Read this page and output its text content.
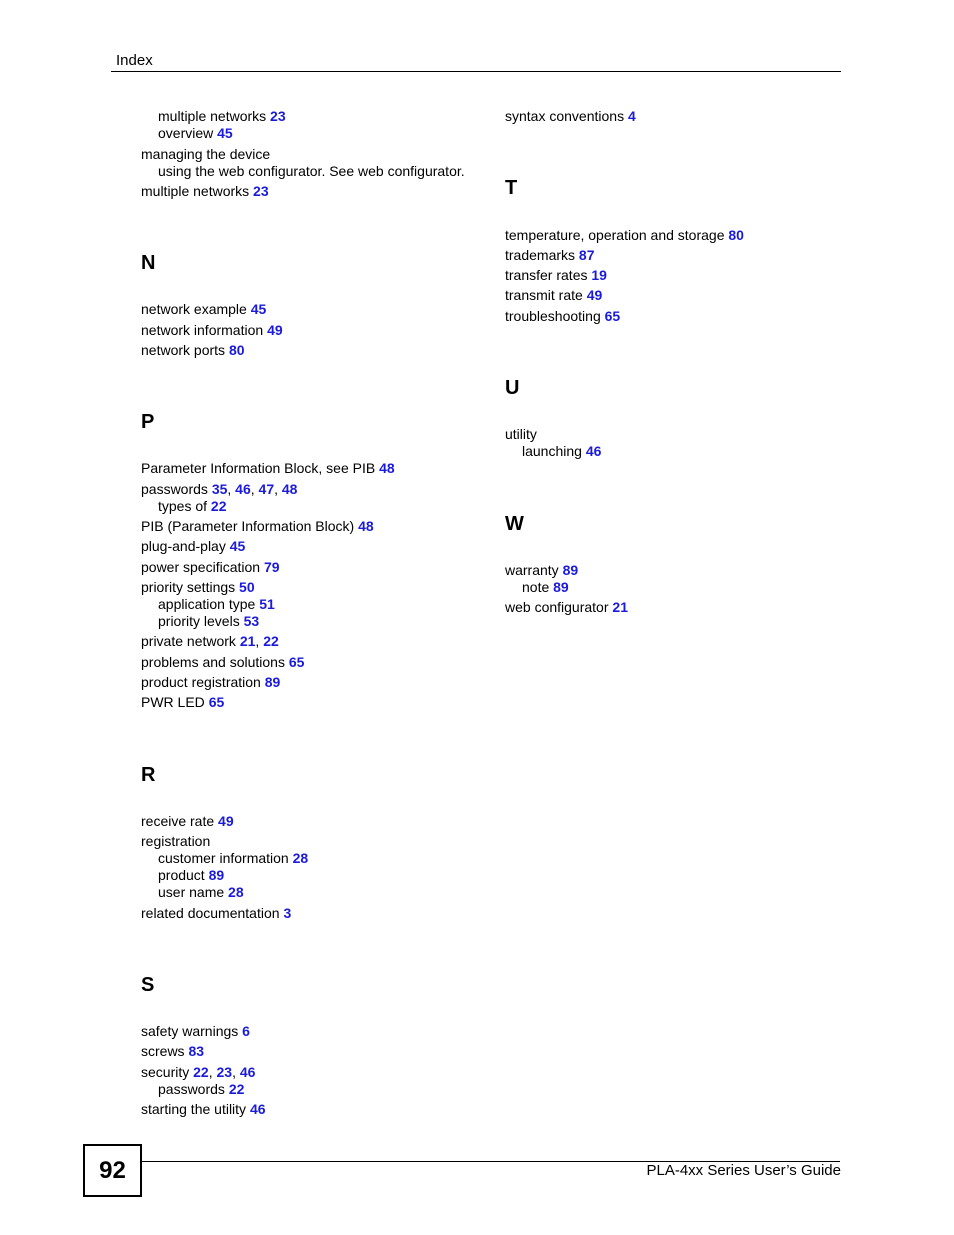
Index
92	PLA-4xx Series User’s Guide
multiple networks 23
overview 45
managing the device
using the web configurator. See web configurator.
multiple networks 23
N
network example 45
network information 49
network ports 80
P
Parameter Information Block, see PIB 48
passwords 35, 46, 47, 48
types of 22
PIB (Parameter Information Block) 48
plug-and-play 45
power specification 79
priority settings 50
application type 51
priority levels 53
private network 21, 22
problems and solutions 65
product registration 89
PWR LED 65
R
receive rate 49
registration
customer information 28
product 89
user name 28
related documentation 3
S
safety warnings 6
screws 83
security 22, 23, 46
passwords 22
starting the utility 46
syntax conventions 4
T
temperature, operation and storage 80
trademarks 87
transfer rates 19
transmit rate 49
troubleshooting 65
U
utility
launching 46
W
warranty 89
note 89
web configurator 21
